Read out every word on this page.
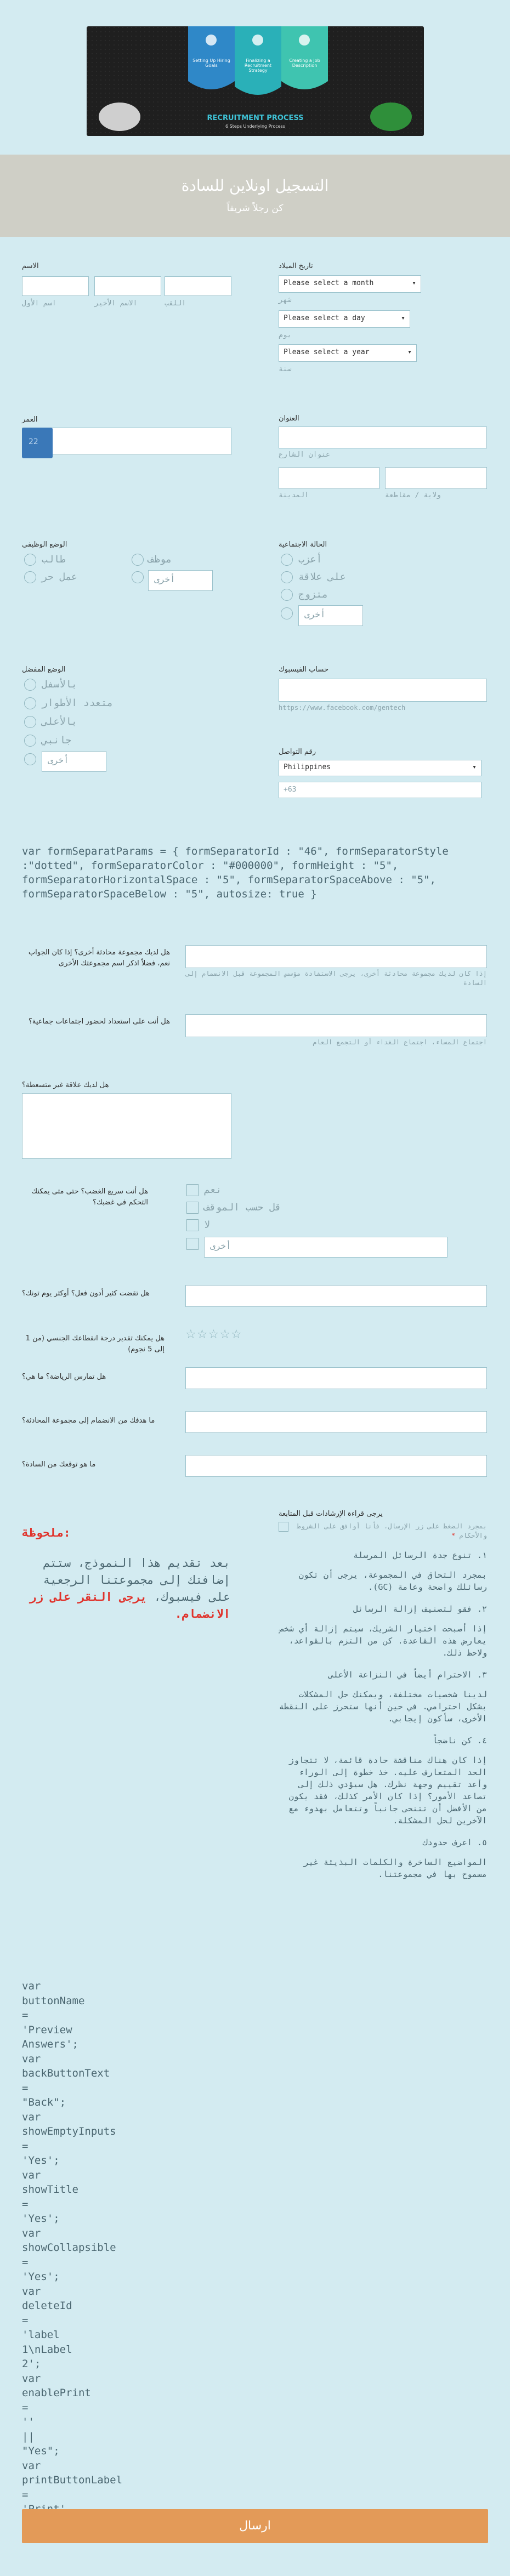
Setting Up Hiring Goals
Finalizing a Recruitment Strategy
Creating a Job Description
RECRUITMENT PROCESS
6 Steps Underlying Process
التسجيل اونلاين للسادة
كن رجلاً شريفاً
الاسم
اسم الأول	الاسم الأخير	اللقب
تاريخ الميلاد
Please select a month	▾
شهر
Please select a day	▾
يوم
Please select a year	▾
سنة
العمر
22
العنوان
عنوان الشارع
المدينة	ولاية / مقاطعة
الوضع الوظيفي
طالب	موظف
عمل حر	أخرى
الحالة الاجتماعية
أعزب
على علاقة
متزوج
أخرى
الوضع المفضل
بالأسفل
متعدد الأطوار
بالأعلى
جانبي
أخرى
حساب الفيسبوك
https://www.facebook.com/gentech
رقم التواصل
Philippines	▾
+63
var formSeparatParams = { formSeparatorId : "46", formSeparatorStyle :"dotted", formSeparatorColor : "#000000", formHeight : "5", formSeparatorHorizontalSpace : "5", formSeparatorSpaceAbove : "5", formSeparatorSpaceBelow : "5", autosize: true }
هل لديك مجموعة محادثة أخرى؟ إذا كان الجواب نعم، فضلاً اذكر اسم مجموعتك الأخرى
إذا كان لديك مجموعة محادثة أخرى، يرجى الاستفادة مؤسس المجموعة قبل الانضمام إلى السادة
هل أنت على استعداد لحضور اجتماعات جماعية؟
اجتماع المساء، اجتماع الغداء أو التجمع العام
هل لديك علاقة غير متسعطة؟
هل أنت سريع الغضب؟ حتى متى يمكنك التحكم في غضبك؟
نعم
قل حسب الموقف
لا
أخرى
هل تقضت كثير أدون فعل؟ أوكثر يوم تونك؟
هل يمكنك تقدير درجة انقطاعك الجنسي (من 1 إلى 5 نجوم)
☆☆☆☆☆
هل تمارس الرياضة؟ ما هي؟
ما هدفك من الانضمام إلى مجموعة المحادثة؟
ما هو توقعك من السادة؟
ملحوظة:
بعد تقديم هذا النموذج، ستتم إضافتك إلى مجموعتنا الرجعية على فيسبوك، يرجى النقر على زر الانضمام.
يرجى قراءة الإرشادات قبل المتابعة
بمجرد الضغط على زر الإرسال، فأنا أوافق على الشروط والأحكام *
١. تنوع جدة الرسائل المرسلة
بمجرد التحاق في المجموعة، يرجى أن تكون رسائلك واضحة وعامة (GC).
٢. فقو لتصنيف إزالة الرسائل
إذا أصبحت اختيار الشريك، سيتم إزالة أي شخص يعارض هذه القاعدة. كن من التزم بالقواعد، ولاحظ ذلك.
٣. الاحترام أيضاً في النزاعة الأعلى
لدينا شخصيات مختلفة، ويمكنك حل المشكلات بشكل احترامي. في حين أنها ستحرز على النقطة الأخرى، سأكون إيجابي.
٤. كن ناضجاً
إذا كان هناك مناقشة حادة قائمة، لا تتجاوز الحد المتعارف عليه. خذ خطوة إلى الوراء وأعد تقييم وجهة نظرك. هل سيؤدي ذلك إلى تصاعد الأمور؟ إذا كان الأمر كذلك، فقد يكون من الأفضل أن تتنحى جانباً وتتعامل بهدوء مع الآخرين لحل المشكلة.
٥. اعرف حدودك
المواضيع الساخرة والكلمات البذيئة غير مسموح بها في مجموعتنا.
var
buttonName
=
'Preview
Answers';
var
backButtonText
=
"Back";
var
showEmptyInputs
=
'Yes';
var
showTitle
=
'Yes';
var
showCollapsible
=
'Yes';
var
deleteId
=
'label
1\nLabel
2';
var
enablePrint
=
''
||
"Yes";
var
printButtonLabel
=
ارسال
